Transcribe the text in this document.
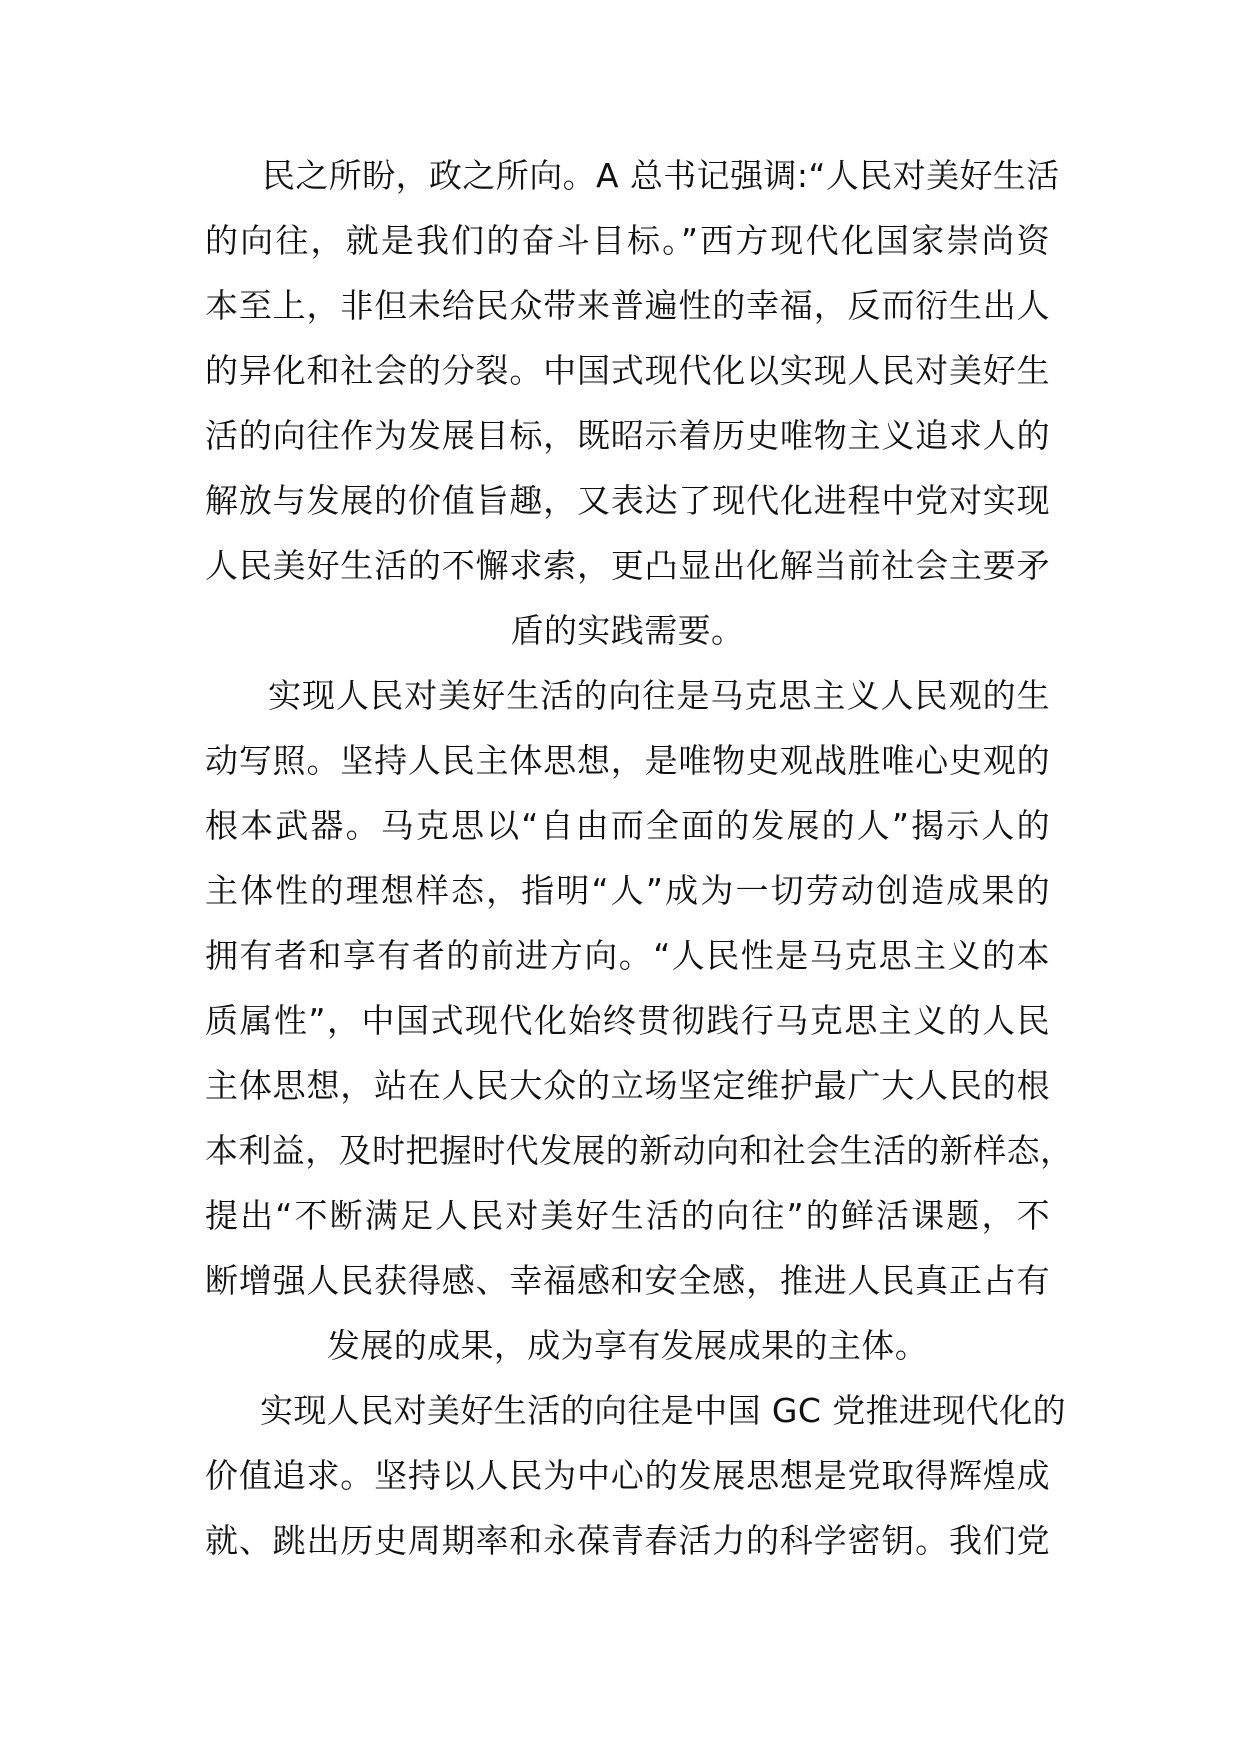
民之所盼，政之所向。A 总书记强调:“人民对美好生活
的向往，就是我们的奋斗目标。”西方现代化国家崇尚资
本至上，非但未给民众带来普遍性的幸福，反而衍生出人
的异化和社会的分裂。中国式现代化以实现人民对美好生
活的向往作为发展目标，既昭示着历史唯物主义追求人的
解放与发展的价值旨趣，又表达了现代化进程中党对实现
人民美好生活的不懈求索，更凸显出化解当前社会主要矛
盾的实践需要。
实现人民对美好生活的向往是马克思主义人民观的生
动写照。坚持人民主体思想，是唯物史观战胜唯心史观的
根本武器。马克思以“自由而全面的发展的人”揭示人的
主体性的理想样态，指明“人”成为一切劳动创造成果的
拥有者和享有者的前进方向。“人民性是马克思主义的本
质属性”，中国式现代化始终贯彻践行马克思主义的人民
主体思想，站在人民大众的立场坚定维护最广大人民的根
本利益，及时把握时代发展的新动向和社会生活的新样态，
提出“不断满足人民对美好生活的向往”的鲜活课题，不
断增强人民获得感、幸福感和安全感，推进人民真正占有
发展的成果，成为享有发展成果的主体。
实现人民对美好生活的向往是中国 GC 党推进现代化的
价值追求。坚持以人民为中心的发展思想是党取得辉煌成
就、跳出历史周期率和永葆青春活力的科学密钥。我们党
